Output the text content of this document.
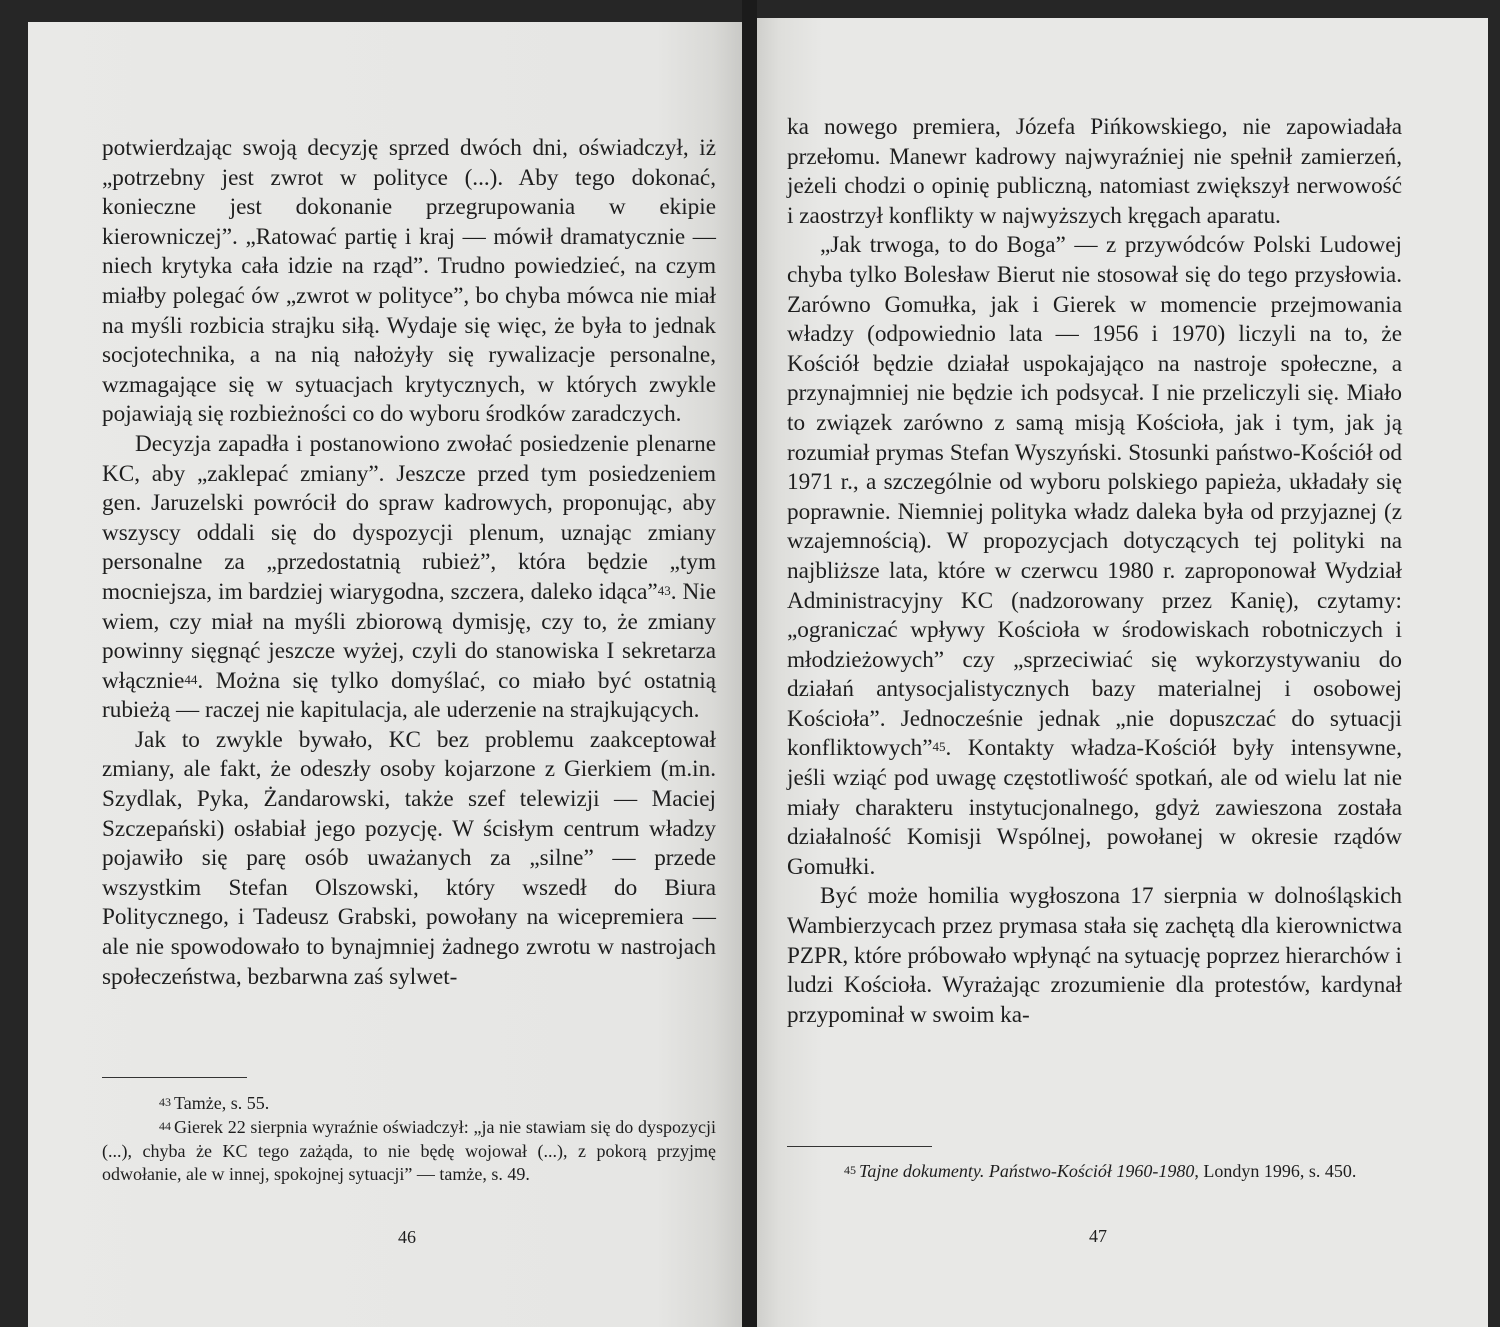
potwierdzając swoją decyzję sprzed dwóch dni, oświadczył, iż „potrzebny jest zwrot w polityce (...). Aby tego dokonać, konieczne jest dokonanie przegrupowania w ekipie kierowniczej”. „Ratować partię i kraj — mówił dramatycznie — niech krytyka cała idzie na rząd”. Trudno powiedzieć, na czym miałby polegać ów „zwrot w polityce”, bo chyba mówca nie miał na myśli rozbicia strajku siłą. Wydaje się więc, że była to jednak socjotechnika, a na nią nałożyły się rywalizacje personalne, wzmagające się w sytuacjach krytycznych, w których zwykle pojawiają się rozbieżności co do wyboru środków zaradczych.

Decyzja zapadła i postanowiono zwołać posiedzenie plenarne KC, aby „zaklepać zmiany”. Jeszcze przed tym posiedzeniem gen. Jaruzelski powrócił do spraw kadrowych, proponując, aby wszyscy oddali się do dyspozycji plenum, uznając zmiany personalne za „przedostatnią rubież”, która będzie „tym mocniejsza, im bardziej wiarygodna, szczera, daleko idąca”$^{43}$. Nie wiem, czy miał na myśli zbiorową dymisję, czy to, że zmiany powinny sięgnąć jeszcze wyżej, czyli do stanowiska I sekretarza włącznie$^{44}$. Można się tylko domyślać, co miało być ostatnią rubieżą — raczej nie kapitulacja, ale uderzenie na strajkujących.

Jak to zwykle bywało, KC bez problemu zaakceptował zmiany, ale fakt, że odeszły osoby kojarzone z Gierkiem (m.in. Szydlak, Pyka, Żandarowski, także szef telewizji — Maciej Szczepański) osłabiał jego pozycję. W ścisłym centrum władzy pojawiło się parę osób uważanych za „silne” — przede wszystkim Stefan Olszowski, który wszedł do Biura Politycznego, i Tadeusz Grabski, powołany na wicepremiera — ale nie spowodowało to bynajmniej żadnego zwrotu w nastrojach społeczeństwa, bezbarwna zaś sylwet-

$^{43}$ Tamże, s. 55.
$^{44}$ Gierek 22 sierpnia wyraźnie oświadczył: „ja nie stawiam się do dyspozycji (...), chyba że KC tego zażąda, to nie będę wojował (...), z pokorą przyjmę odwołanie, ale w innej, spokojnej sytuacji” — tamże, s. 49.
46

ka nowego premiera, Józefa Pińkowskiego, nie zapowiadała przełomu. Manewr kadrowy najwyraźniej nie spełnił zamierzeń, jeżeli chodzi o opinię publiczną, natomiast zwiększył nerwowość i zaostrzył konflikty w najwyższych kręgach aparatu.

„Jak trwoga, to do Boga” — z przywódców Polski Ludowej chyba tylko Bolesław Bierut nie stosował się do tego przysłowia. Zarówno Gomułka, jak i Gierek w momencie przejmowania władzy (odpowiednio lata — 1956 i 1970) liczyli na to, że Kościół będzie działał uspokajająco na nastroje społeczne, a przynajmniej nie będzie ich podsycał. I nie przeliczyli się. Miało to związek zarówno z samą misją Kościoła, jak i tym, jak ją rozumiał prymas Stefan Wyszyński. Stosunki państwo-Kościół od 1971 r., a szczególnie od wyboru polskiego papieża, układały się poprawnie. Niemniej polityka władz daleka była od przyjaznej (z wzajemnością). W propozycjach dotyczących tej polityki na najbliższe lata, które w czerwcu 1980 r. zaproponował Wydział Administracyjny KC (nadzorowany przez Kanię), czytamy: „ograniczać wpływy Kościoła w środowiskach robotniczych i młodzieżowych” czy „sprzeciwiać się wykorzystywaniu do działań antysocjalistycznych bazy materialnej i osobowej Kościoła”. Jednocześnie jednak „nie dopuszczać do sytuacji konfliktowych”$^{45}$. Kontakty władza-Kościół były intensywne, jeśli wziąć pod uwagę częstotliwość spotkań, ale od wielu lat nie miały charakteru instytucjonalnego, gdyż zawieszona została działalność Komisji Wspólnej, powołanej w okresie rządów Gomułki.

Być może homilia wygłoszona 17 sierpnia w dolnośląskich Wambierzycach przez prymasa stała się zachętą dla kierownictwa PZPR, które próbowało wpłynąć na sytuację poprzez hierarchów i ludzi Kościoła. Wyrażając zrozumienie dla protestów, kardynał przypominał w swoim ka-

$^{45}$ Tajne dokumenty. Państwo-Kościół 1960-1980, Londyn 1996, s. 450.
47
